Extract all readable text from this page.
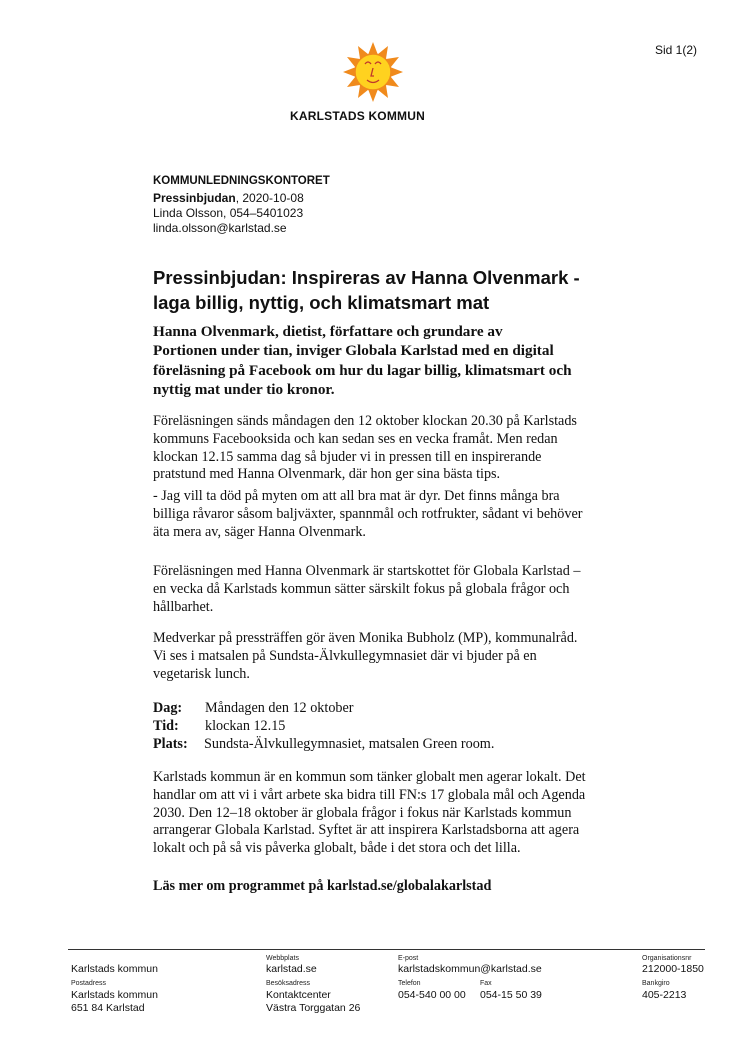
Sid 1(2)
KARLSTADS KOMMUN
KOMMUNLEDNINGSKONTORET
Pressinbjudan, 2020-10-08
Linda Olsson, 054–5401023
linda.olsson@karlstad.se
Pressinbjudan: Inspireras av Hanna Olvenmark -
laga billig, nyttig, och klimatsmart mat
Hanna Olvenmark, dietist, författare och grundare av
Portionen under tian, inviger Globala Karlstad med en digital
föreläsning på Facebook om hur du lagar billig, klimatsmart och
nyttig mat under tio kronor.
Föreläsningen sänds måndagen den 12 oktober klockan 20.30 på Karlstads
kommuns Facebooksida och kan sedan ses en vecka framåt. Men redan
klockan 12.15 samma dag så bjuder vi in pressen till en inspirerande
pratstund med Hanna Olvenmark, där hon ger sina bästa tips.
- Jag vill ta död på myten om att all bra mat är dyr. Det finns många bra
billiga råvaror såsom baljväxter, spannmål och rotfrukter, sådant vi behöver
äta mera av, säger Hanna Olvenmark.
Föreläsningen med Hanna Olvenmark är startskottet för Globala Karlstad –
en vecka då Karlstads kommun sätter särskilt fokus på globala frågor och
hållbarhet.
Medverkar på pressträffen gör även Monika Bubholz (MP), kommunalråd.
Vi ses i matsalen på Sundsta-Älvkullegymnasiet där vi bjuder på en
vegetarisk lunch.
Dag: Måndagen den 12 oktober
Tid: klockan 12.15
Plats: Sundsta-Älvkullegymnasiet, matsalen Green room.
Karlstads kommun är en kommun som tänker globalt men agerar lokalt. Det
handlar om att vi i vårt arbete ska bidra till FN:s 17 globala mål och Agenda
2030. Den 12–18 oktober är globala frågor i fokus när Karlstads kommun
arrangerar Globala Karlstad. Syftet är att inspirera Karlstadsborna att agera
lokalt och på så vis påverka globalt, både i det stora och det lilla.
Läs mer om programmet på karlstad.se/globalakarlstad
Karlstads kommun
Webbplats
karlstad.se
E-post
karlstadskommun@karlstad.se
Organisationsnr
212000-1850
Postadress
Karlstads kommun
651 84 Karlstad
Besöksadress
Kontaktcenter
Västra Torggatan 26
Telefon
054-540 00 00
Fax
054-15 50 39
Bankgiro
405-2213
